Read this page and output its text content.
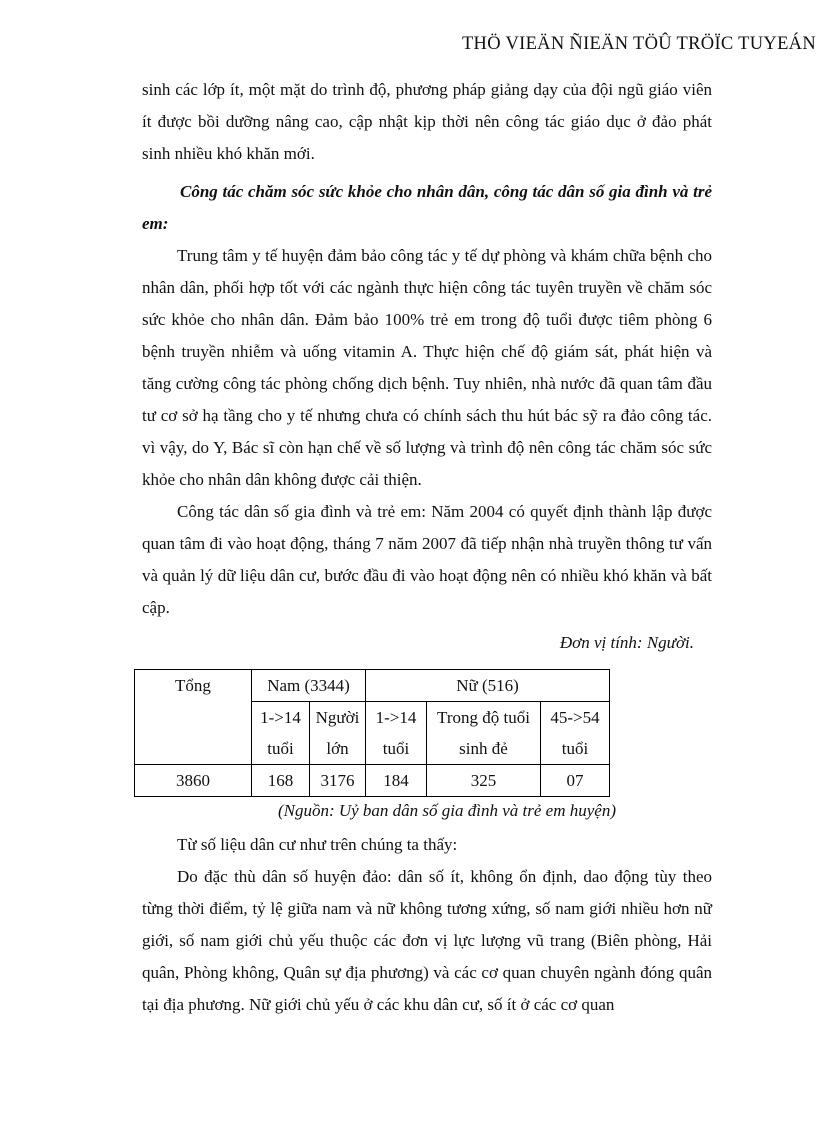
THÖ VIEÄN ÑIEÄN TÖÛ TRÖÏC TUYEÁN

sinh các lớp ít, một mặt do trình độ, phương pháp giảng dạy của đội ngũ giáo viên ít được bồi dưỡng nâng cao, cập nhật kịp thời nên công tác giáo dục ở đảo phát sinh nhiều khó khăn mới.

Công tác chăm sóc sức khỏe cho nhân dân, công tác dân số gia đình và trẻ em:

Trung tâm y tế huyện đảm bảo công tác y tế dự phòng và khám chữa bệnh cho nhân dân, phối hợp tốt với các ngành thực hiện công tác tuyên truyền về chăm sóc sức khỏe cho nhân dân. Đảm bảo 100% trẻ em trong độ tuổi được tiêm phòng 6 bệnh truyền nhiễm và uống vitamin A. Thực hiện chế độ giám sát, phát hiện và tăng cường công tác phòng chống dịch bệnh. Tuy nhiên, nhà nước đã quan tâm đầu tư cơ sở hạ tầng cho y tế nhưng chưa có chính sách thu hút bác sỹ ra đảo công tác. vì vậy, do Y, Bác sĩ còn hạn chế về số lượng và trình độ nên công tác chăm sóc sức khỏe cho nhân dân không được cải thiện.

Công tác dân số gia đình và trẻ em: Năm 2004 có quyết định thành lập được quan tâm đi vào hoạt động, tháng 7 năm 2007 đã tiếp nhận nhà truyền thông tư vấn và quản lý dữ liệu dân cư, bước đầu đi vào hoạt động nên có nhiều khó khăn và bất cập.

Đơn vị tính: Người.

Tổng	Nam (3344)		Nữ (516)		
	1->14 tuổi	Người lớn	1->14 tuổi	Trong độ tuổi sinh đẻ	45->54 tuổi
3860	168	3176	184	325	07

(Nguồn: Uỷ ban dân số gia đình và trẻ em huyện)

Từ số liệu dân cư như trên chúng ta thấy:

Do đặc thù dân số huyện đảo: dân số ít, không ổn định, dao động tùy theo từng thời điểm, tỷ lệ giữa nam và nữ không tương xứng, số nam giới nhiều hơn nữ giới, số nam giới chủ yếu thuộc các đơn vị lực lượng vũ trang (Biên phòng, Hải quân, Phòng không, Quân sự địa phương) và các cơ quan chuyên ngành đóng quân tại địa phương. Nữ giới chủ yếu ở các khu dân cư, số ít ở các cơ quan
